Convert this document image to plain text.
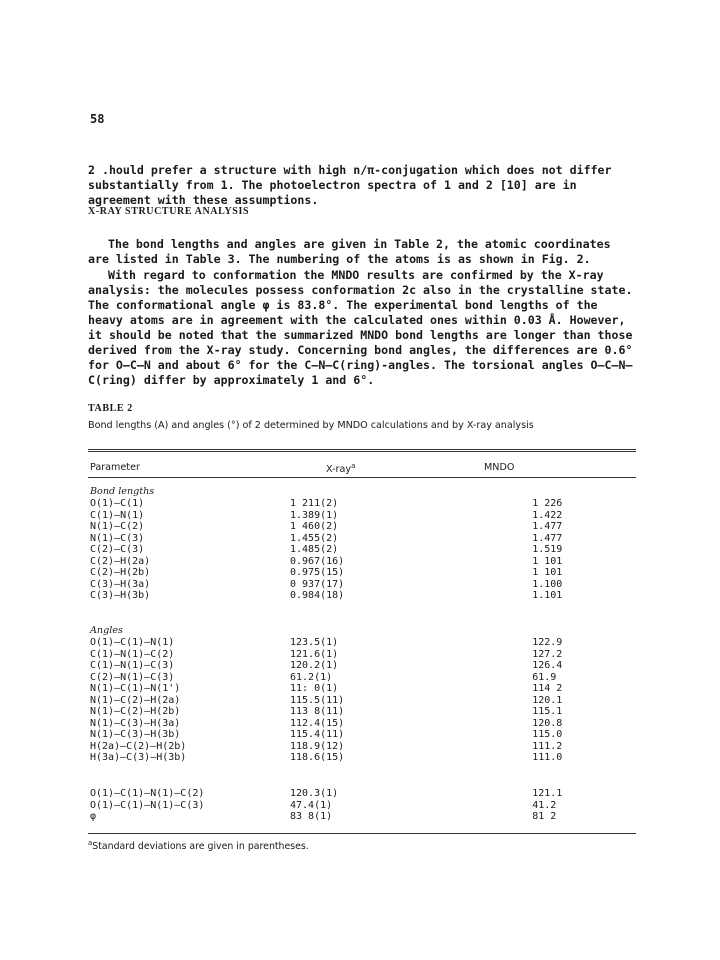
58
2 .hould prefer a structure with high n/π-conjugation which does not differ substantially from 1. The photoelectron spectra of 1 and 2 [10] are in agreement with these assumptions.
X-RAY STRUCTURE ANALYSIS
The bond lengths and angles are given in Table 2, the atomic coordinates are listed in Table 3. The numbering of the atoms is as shown in Fig. 2.
With regard to conformation the MNDO results are confirmed by the X-ray analysis: the molecules possess conformation 2c also in the crystalline state. The conformational angle φ is 83.8°. The experimental bond lengths of the heavy atoms are in agreement with the calculated ones within 0.03 Å. However, it should be noted that the summarized MNDO bond lengths are longer than those derived from the X-ray study. Concerning bond angles, the differences are 0.6° for O—C—N and about 6° for the C—N—C(ring)-angles. The torsional angles O—C—N—C(ring) differ by approximately 1 and 6°.
TABLE 2
Bond lengths (A) and angles (°) of 2 determined by MNDO calculations and by X-ray analysis
Parameter	X-ray$^a$	MNDO
Bond lengths
O(1)—C(1)	1 211(2)	1 226
C(1)—N(1)	1.389(1)	1.422
N(1)—C(2)	1 460(2)	1.477
N(1)—C(3)	1.455(2)	1.477
C(2)—C(3)	1.485(2)	1.519
C(2)—H(2a)	0.967(16)	1 101
C(2)—H(2b)	0.975(15)	1 101
C(3)—H(3a)	0 937(17)	1.100
C(3)—H(3b)	0.984(18)	1.101
Angles
O(1)—C(1)—N(1)	123.5(1)	122.9
C(1)—N(1)—C(2)	121.6(1)	127.2
C(1)—N(1)—C(3)	120.2(1)	126.4
C(2)—N(1)—C(3)	61.2(1)	61.9
N(1)—C(1)—N(1')	11: 0(1)	114 2
N(1)—C(2)—H(2a)	115.5(11)	120.1
N(1)—C(2)—H(2b)	113 8(11)	115.1
N(1)—C(3)—H(3a)	112.4(15)	120.8
N(1)—C(3)—H(3b)	115.4(11)	115.0
H(2a)—C(2)—H(2b)	118.9(12)	111.2
H(3a)—C(3)—H(3b)	118.6(15)	111.0
O(1)—C(1)—N(1)—C(2)	120.3(1)	121.1
O(1)—C(1)—N(1)—C(3)	47.4(1)	41.2
φ	83 8(1)	81 2
$^a$Standard deviations are given in parentheses.
